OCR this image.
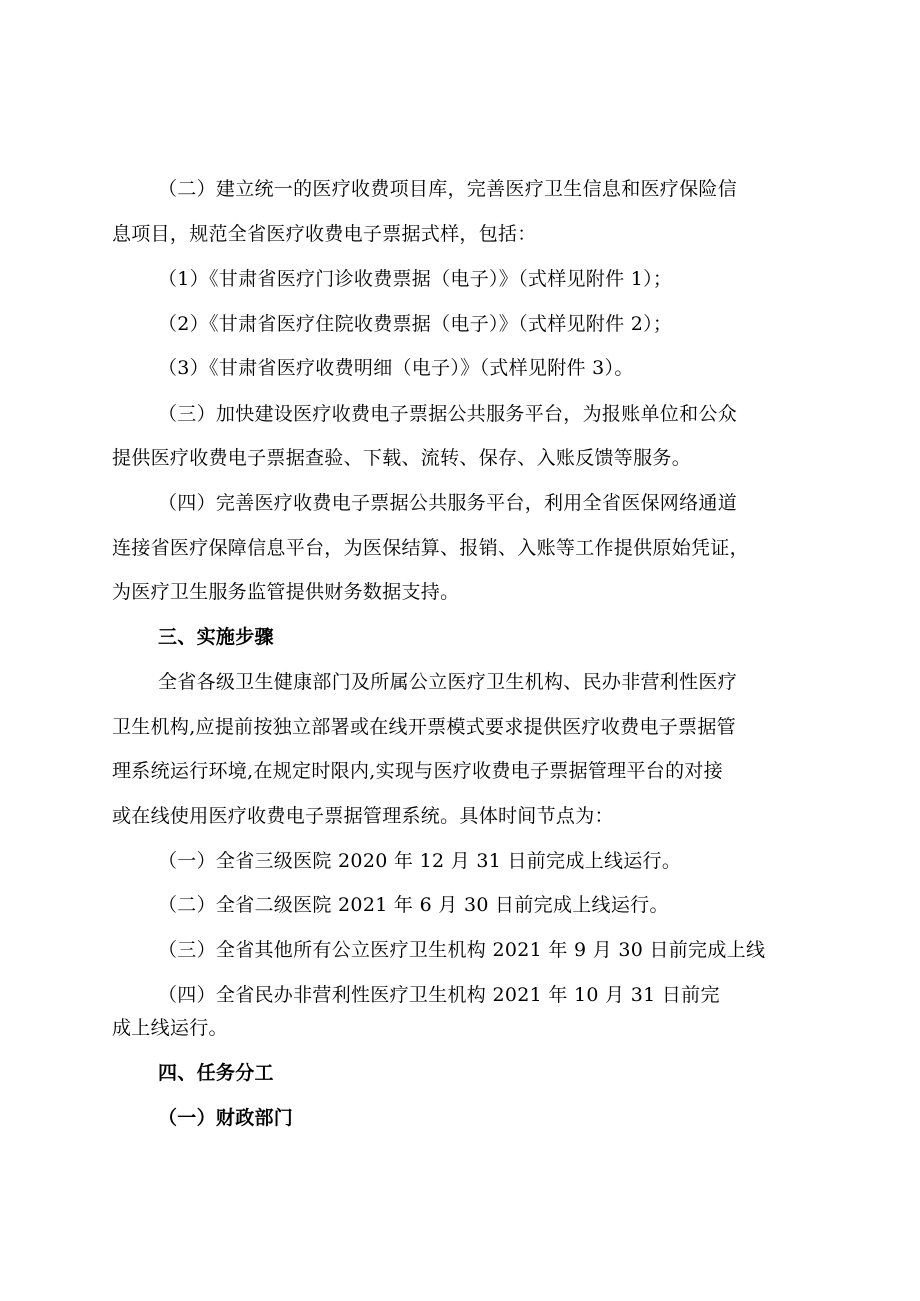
（二）建立统一的医疗收费项目库，完善医疗卫生信息和医疗保险信
息项目，规范全省医疗收费电子票据式样，包括：
（1）《甘肃省医疗门诊收费票据（电子）》（式样见附件 1）；
（2）《甘肃省医疗住院收费票据（电子）》（式样见附件 2）；
（3）《甘肃省医疗收费明细（电子）》（式样见附件 3）。
（三）加快建设医疗收费电子票据公共服务平台，为报账单位和公众
提供医疗收费电子票据查验、下载、流转、保存、入账反馈等服务。
（四）完善医疗收费电子票据公共服务平台，利用全省医保网络通道
连接省医疗保障信息平台，为医保结算、报销、入账等工作提供原始凭证，
为医疗卫生服务监管提供财务数据支持。
三、实施步骤
全省各级卫生健康部门及所属公立医疗卫生机构、民办非营利性医疗
卫生机构,应提前按独立部署或在线开票模式要求提供医疗收费电子票据管
理系统运行环境,在规定时限内,实现与医疗收费电子票据管理平台的对接
或在线使用医疗收费电子票据管理系统。具体时间节点为：
（一）全省三级医院 2020 年 12 月 31 日前完成上线运行。
（二）全省二级医院 2021 年 6 月 30 日前完成上线运行。
（三）全省其他所有公立医疗卫生机构 2021 年 9 月 30 日前完成上线
（四）全省民办非营利性医疗卫生机构 2021 年 10 月 31 日前完
成上线运行。
四、任务分工
（一）财政部门
